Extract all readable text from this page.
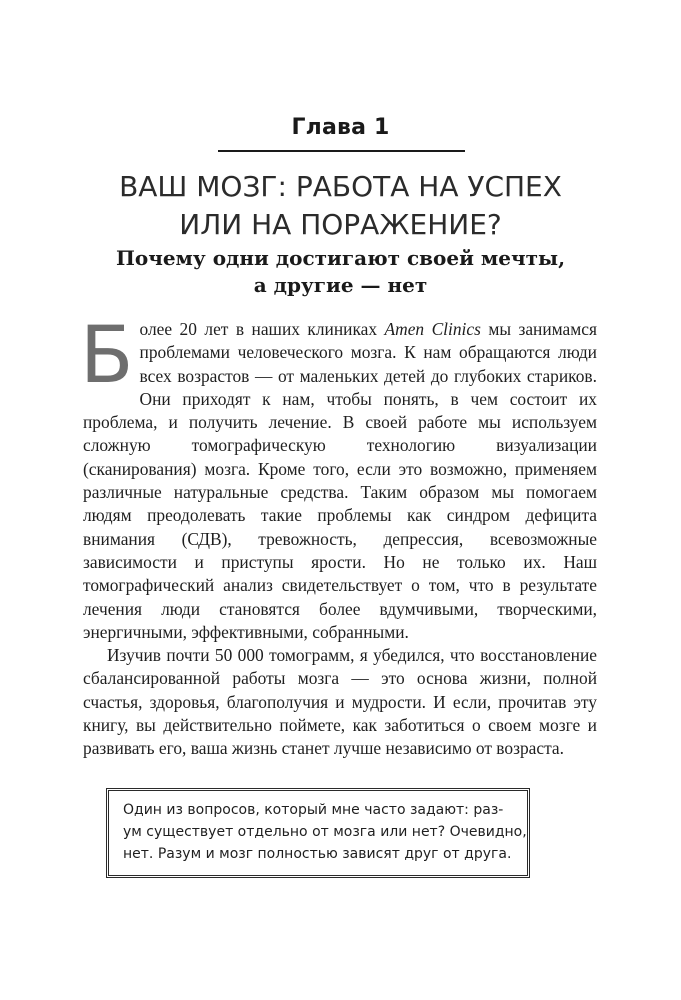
Глава 1
ВАШ МОЗГ: РАБОТА НА УСПЕХ
ИЛИ НА ПОРАЖЕНИЕ?
Почему одни достигают своей мечты,
а другие — нет

Более 20 лет в наших клиниках Amen Clinics мы занимамся проблемами человеческого мозга. К нам обращаются люди всех возрастов — от маленьких детей до глубоких стариков. Они приходят к нам, чтобы понять, в чем состоит их проблема, и получить лечение. В своей работе мы используем сложную томографическую технологию визуализации (сканирования) мозга. Кроме того, если это возможно, применяем различные натуральные средства. Таким образом мы помогаем людям преодолевать такие проблемы как синдром дефицита внимания (СДВ), тревожность, депрессия, всевозможные зависимости и приступы ярости. Но не только их. Наш томографический анализ свидетельствует о том, что в результате лечения люди становятся более вдумчивыми, творческими, энергичными, эффективными, собранными.

Изучив почти 50 000 томограмм, я убедился, что восстановление сбалансированной работы мозга — это основа жизни, полной счастья, здоровья, благополучия и мудрости. И если, прочитав эту книгу, вы действительно поймете, как заботиться о своем мозге и развивать его, ваша жизнь станет лучше независимо от возраста.

Один из вопросов, который мне часто задают: раз-
ум существует отдельно от мозга или нет? Очевидно,
нет. Разум и мозг полностью зависят друг от друга.
